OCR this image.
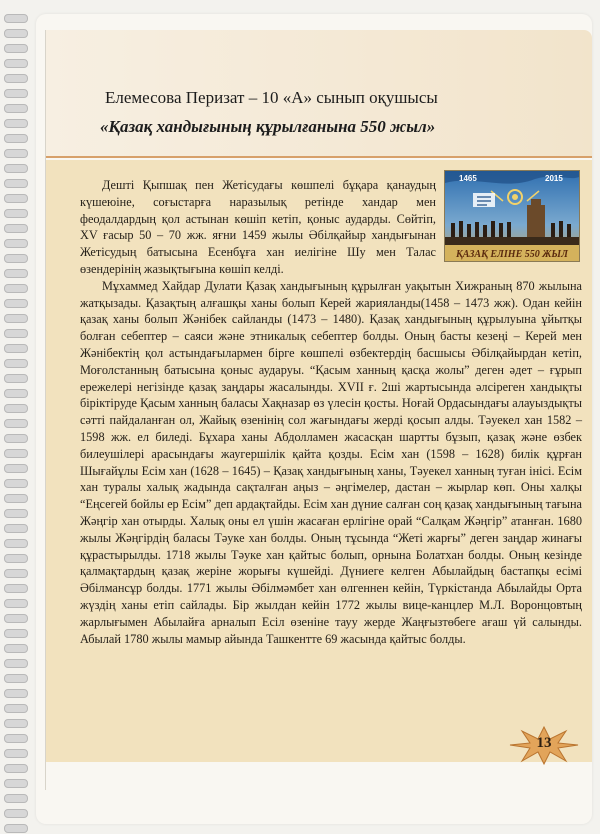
Елемесова Перизат – 10 «А» сынып оқушысы
«Қазақ хандығының құрылғанына 550 жыл»

Дешті Қыпшақ пен Жетісудағы көшпелі бұқара қанаудың күшеюіне, соғыстарға наразылық ретінде хандар мен феодалдардың қол астынан көшіп кетіп, қоныс аударды. Сөйтіп, XV ғасыр 50 – 70 жж. яғни 1459 жылы Әбілқайыр хандығынан Жетісудың батысына Есенбұға хан иелігіне Шу мен Талас өзендерінің жазықтығына көшіп келді.

Мұхаммед Хайдар Дулати Қазақ хандығының құрылған уақытын Хижраның 870 жылына жатқызады. Қазақтың алғашқы ханы болып Керей жарияланды(1458 – 1473 жж). Одан кейін қазақ ханы болып Жәнібек сайланды (1473 – 1480). Қазақ хандығының құрылуына ұйытқы болған себептер – саяси және этникалық себептер болды. Оның басты кезеңі – Керей мен Жәнібектің қол астындағылармен бірге көшпелі өзбектердің басшысы Әбілқайырдан кетіп, Моғолстанның батысына қоныс аударуы. “Қасым ханның қасқа жолы” деген әдет – ғұрып ережелері негізінде қазақ заңдары жасалынды. XVII ғ. 2ші жартысында әлсіреген хандықты біріктіруде Қасым ханның баласы Хақназар өз үлесін қосты. Ноғай Ордасындағы алауыздықты сәтті пайдаланған ол, Жайық өзенінің сол жағындағы жерді қосып алды. Тәуекел хан 1582 – 1598 жж. ел биледі. Бұхара ханы Абдолламен жасасқан шартты бұзып, қазақ және өзбек билеушілері арасындағы жаугершілік қайта қозды. Есім хан (1598 – 1628) билік құрған Шығайұлы Есім хан (1628 – 1645) – Қазақ хандығының ханы, Тәуекел ханның туған інісі. Есім хан туралы халық жадында сақталған аңыз – әңгімелер, дастан – жырлар көп. Оны халқы “Еңсегей бойлы ер Есім” деп ардақтайды. Есім хан дүние салған соң қазақ хандығының тағына Жәңгір хан отырды. Халық оны ел үшін жасаған ерлігіне орай “Салқам Жәңгір” атанған. 1680 жылы Жәңгірдің баласы Тәуке хан болды. Оның тұсында “Жеті жарғы” деген заңдар жинағы құрастырылды. 1718 жылы Тәуке хан қайтыс болып, орнына Болатхан болды. Оның кезінде қалмақтардың қазақ жеріне жорығы күшейді. Дүниеге келген Абылайдың бастапқы есімі Әбілмансұр болды. 1771 жылы Әбілмәмбет хан өлгеннен кейін, Түркістанда Абылайды Орта жүздің ханы етіп сайлады. Бір жылдан кейін 1772 жылы вице-канцлер М.Л. Воронцовтың жарлығымен Абылайға арналып Есіл өзеніне тауу жерде Жаңғызтөбеге ағаш үй салынды. Абылай 1780 жылы мамыр айында Ташкентте 69 жасында қайтыс болды.

1465	2015
ҚАЗАҚ ЕЛІНЕ 550 ЖЫЛ
13
